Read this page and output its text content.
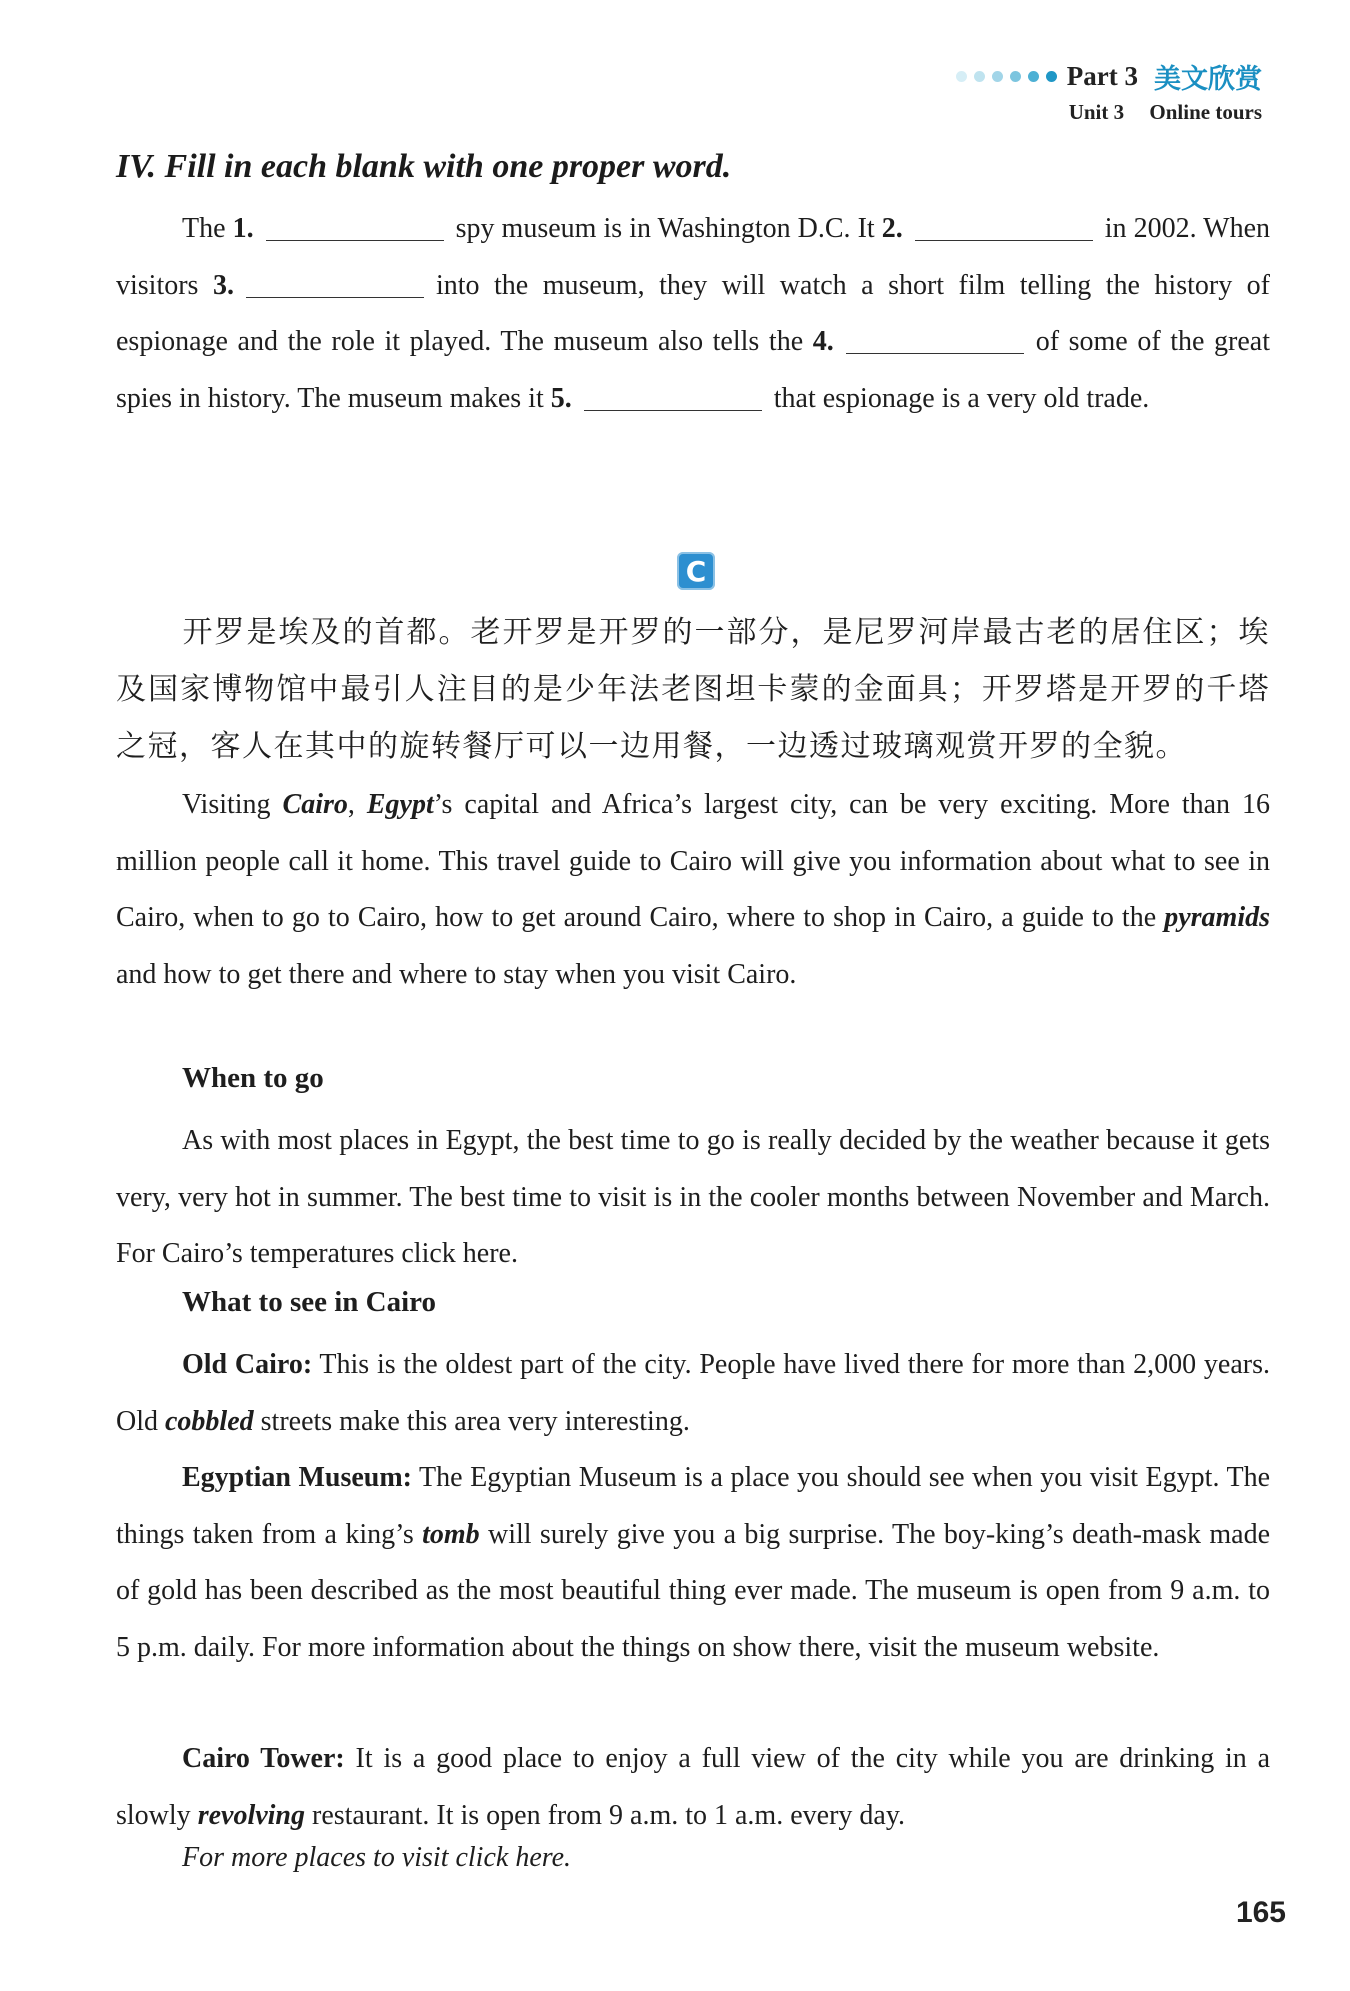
Part 3 美文欣赏
Unit 3 Online tours
IV. Fill in each blank with one proper word.
The 1.	spy museum is in Washington D.C. It 2.	in 2002. When visitors 3.	into the museum, they will watch a short film telling the history of espionage and the role it played. The museum also tells the 4.	of some of the great spies in history. The museum makes it 5.	that espionage is a very old trade.
C
开罗是埃及的首都。老开罗是开罗的一部分，是尼罗河岸最古老的居住区；埃及国家博物馆中最引人注目的是少年法老图坦卡蒙的金面具；开罗塔是开罗的千塔之冠，客人在其中的旋转餐厅可以一边用餐，一边透过玻璃观赏开罗的全貌。
Visiting Cairo, Egypt’s capital and Africa’s largest city, can be very exciting. More than 16 million people call it home. This travel guide to Cairo will give you information about what to see in Cairo, when to go to Cairo, how to get around Cairo, where to shop in Cairo, a guide to the pyramids and how to get there and where to stay when you visit Cairo.
When to go
As with most places in Egypt, the best time to go is really decided by the weather because it gets very, very hot in summer. The best time to visit is in the cooler months between November and March. For Cairo’s temperatures click here.
What to see in Cairo
Old Cairo: This is the oldest part of the city. People have lived there for more than 2,000 years. Old cobbled streets make this area very interesting.
Egyptian Museum: The Egyptian Museum is a place you should see when you visit Egypt. The things taken from a king’s tomb will surely give you a big surprise. The boy-king’s death-mask made of gold has been described as the most beautiful thing ever made. The museum is open from 9 a.m. to 5 p.m. daily. For more information about the things on show there, visit the museum website.
Cairo Tower: It is a good place to enjoy a full view of the city while you are drinking in a slowly revolving restaurant. It is open from 9 a.m. to 1 a.m. every day.
For more places to visit click here.
165
